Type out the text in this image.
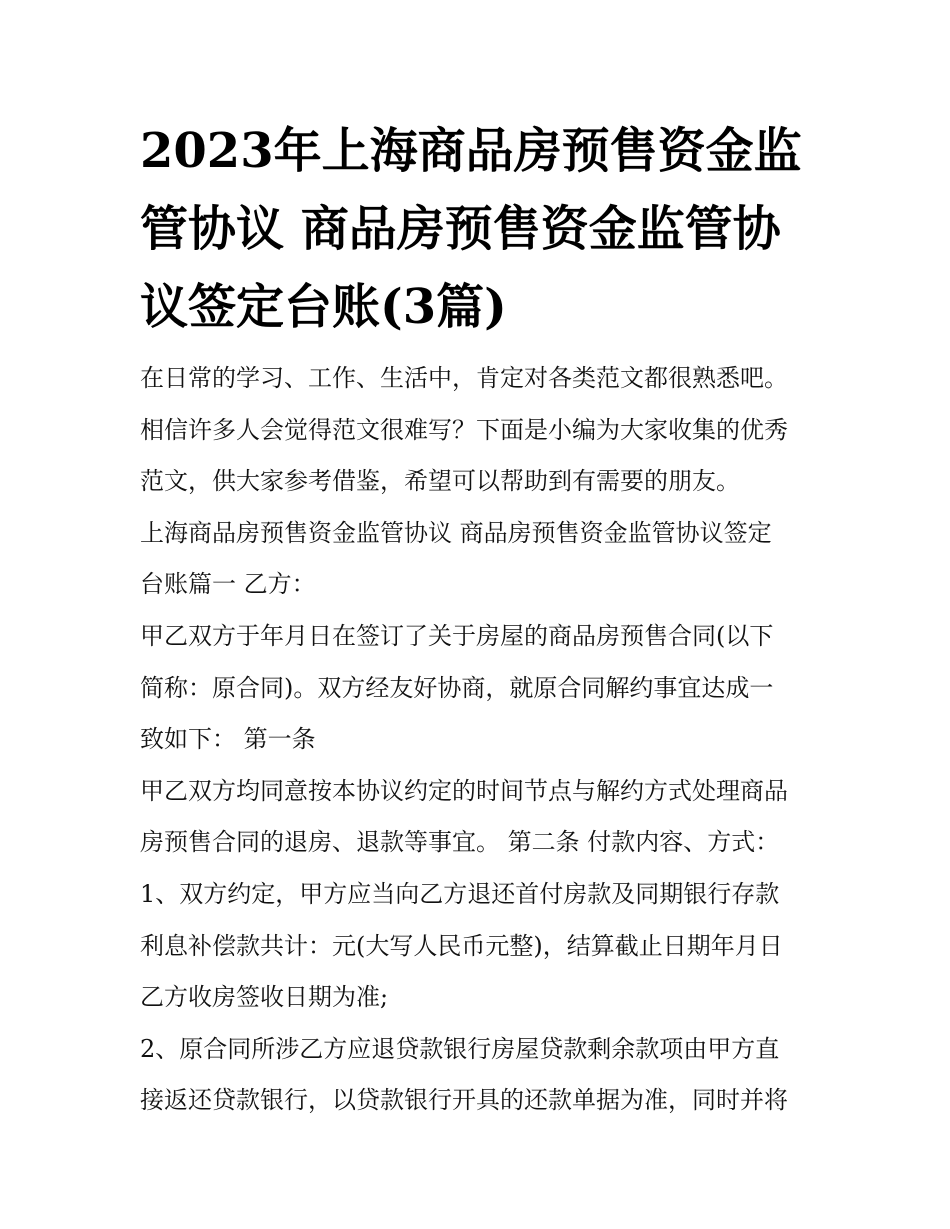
2023年上海商品房预售资金监
管协议 商品房预售资金监管协
议签定台账(3篇)
在日常的学习、工作、生活中，肯定对各类范文都很熟悉吧。
相信许多人会觉得范文很难写？下面是小编为大家收集的优秀
范文，供大家参考借鉴，希望可以帮助到有需要的朋友。
上海商品房预售资金监管协议 商品房预售资金监管协议签定
台账篇一 乙方：
甲乙双方于年月日在签订了关于房屋的商品房预售合同(以下
简称：原合同)。双方经友好协商，就原合同解约事宜达成一
致如下： 第一条
甲乙双方均同意按本协议约定的时间节点与解约方式处理商品
房预售合同的退房、退款等事宜。 第二条 付款内容、方式：
1、双方约定，甲方应当向乙方退还首付房款及同期银行存款
利息补偿款共计：元(大写人民币元整)，结算截止日期年月日
乙方收房签收日期为准;
2、原合同所涉乙方应退贷款银行房屋贷款剩余款项由甲方直
接返还贷款银行，以贷款银行开具的还款单据为准，同时并将
